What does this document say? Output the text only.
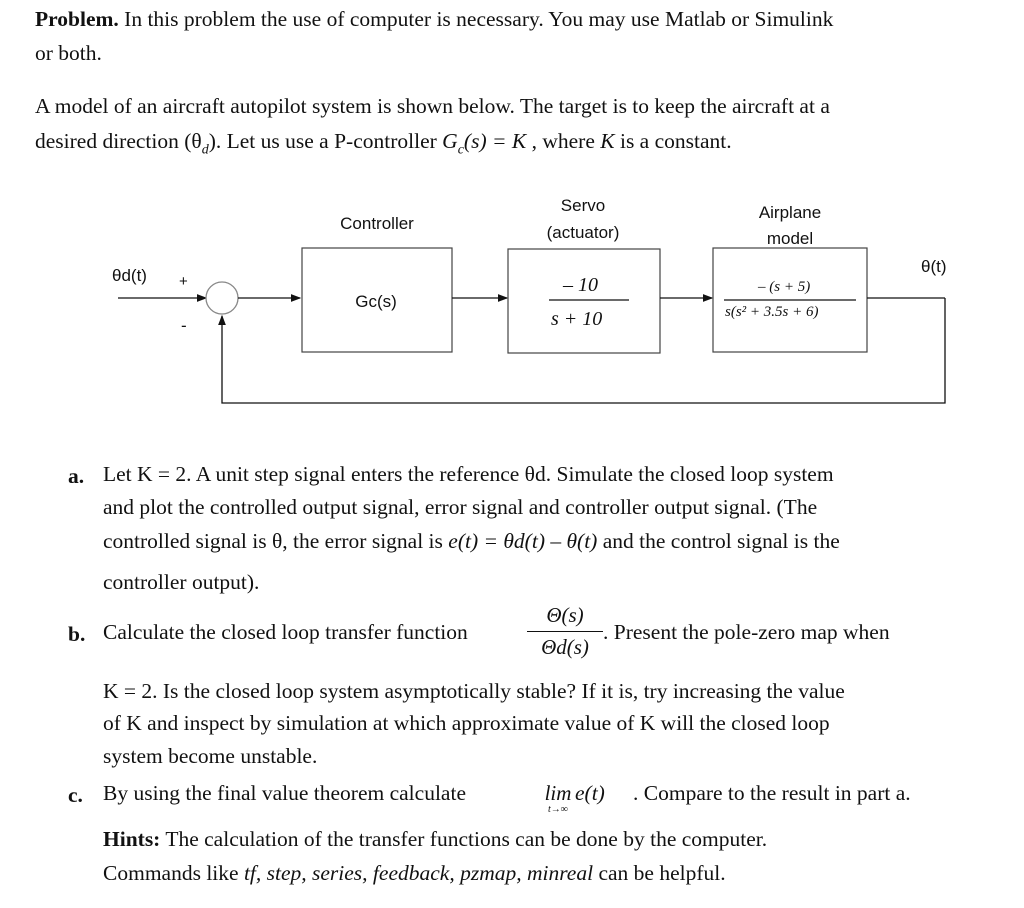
Problem. In this problem the use of computer is necessary. You may use Matlab or Simulink
or both.
A model of an aircraft autopilot system is shown below. The target is to keep the aircraft at a
desired direction $(\theta_d)$. Let us use a P-controller $G_c(s) = K$ , where K is a constant.
θd(t) +
-
Controller
Gc(s)
Servo
(actuator)
– 10
s + 10
Airplane
model
– (s + 5)
s(s² + 3.5s + 6)
θ(t)
a. Let K = 2. A unit step signal enters the reference θd. Simulate the closed loop system
and plot the controlled output signal, error signal and controller output signal. (The
controlled signal is θ, the error signal is e(t) = θd(t) – θ(t) and the control signal is the
controller output).
b. Calculate the closed loop transfer function
Θ(s)
Θd(s)
. Present the pole-zero map when
K = 2. Is the closed loop system asymptotically stable? If it is, try increasing the value
of K and inspect by simulation at which approximate value of K will the closed loop
system become unstable.
c. By using the final value theorem calculate	lim
t→∞
e(t) . Compare to the result in part a.
Hints: The calculation of the transfer functions can be done by the computer.
Commands like tf, step, series, feedback, pzmap, minreal can be helpful.
